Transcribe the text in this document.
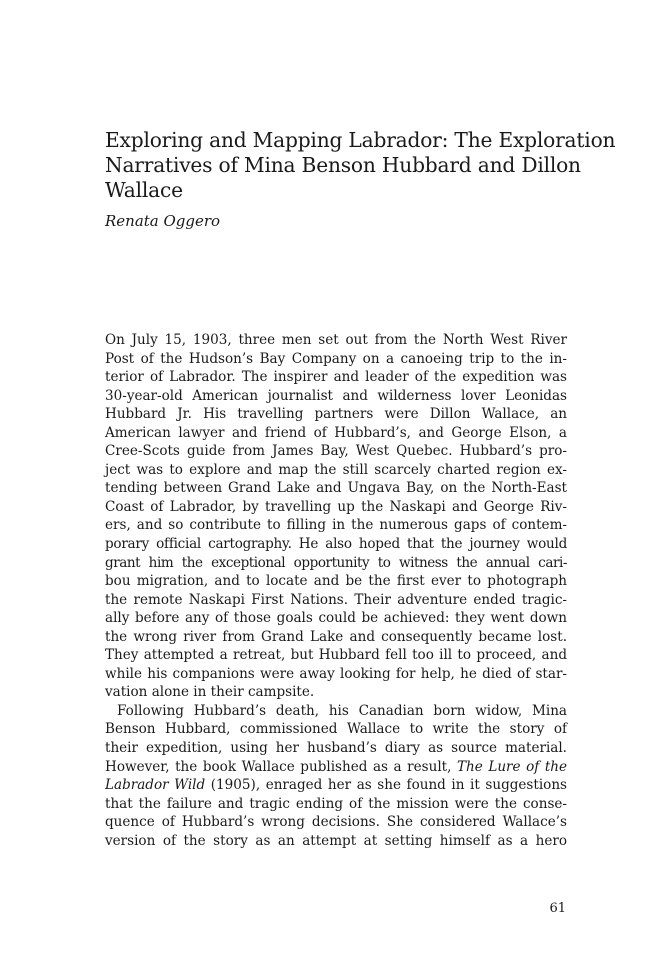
Exploring and Mapping Labrador: The Exploration
Narratives of Mina Benson Hubbard and Dillon
Wallace
Renata Oggero
On July 15, 1903, three men set out from the North West River
Post of the Hudson’s Bay Company on a canoeing trip to the in-
terior of Labrador. The inspirer and leader of the expedition was
30-year-old American journalist and wilderness lover Leonidas
Hubbard Jr. His travelling partners were Dillon Wallace, an
American lawyer and friend of Hubbard’s, and George Elson, a
Cree-Scots guide from James Bay, West Quebec. Hubbard’s pro-
ject was to explore and map the still scarcely charted region ex-
tending between Grand Lake and Ungava Bay, on the North-East
Coast of Labrador, by travelling up the Naskapi and George Riv-
ers, and so contribute to filling in the numerous gaps of contem-
porary official cartography. He also hoped that the journey would
grant him the exceptional opportunity to witness the annual cari-
bou migration, and to locate and be the first ever to photograph
the remote Naskapi First Nations. Their adventure ended tragic-
ally before any of those goals could be achieved: they went down
the wrong river from Grand Lake and consequently became lost.
They attempted a retreat, but Hubbard fell too ill to proceed, and
while his companions were away looking for help, he died of star-
vation alone in their campsite.
Following Hubbard’s death, his Canadian born widow, Mina
Benson Hubbard, commissioned Wallace to write the story of
their expedition, using her husband’s diary as source material.
However, the book Wallace published as a result, The Lure of the
Labrador Wild (1905), enraged her as she found in it suggestions
that the failure and tragic ending of the mission were the conse-
quence of Hubbard’s wrong decisions. She considered Wallace’s
version of the story as an attempt at setting himself as a hero
61
